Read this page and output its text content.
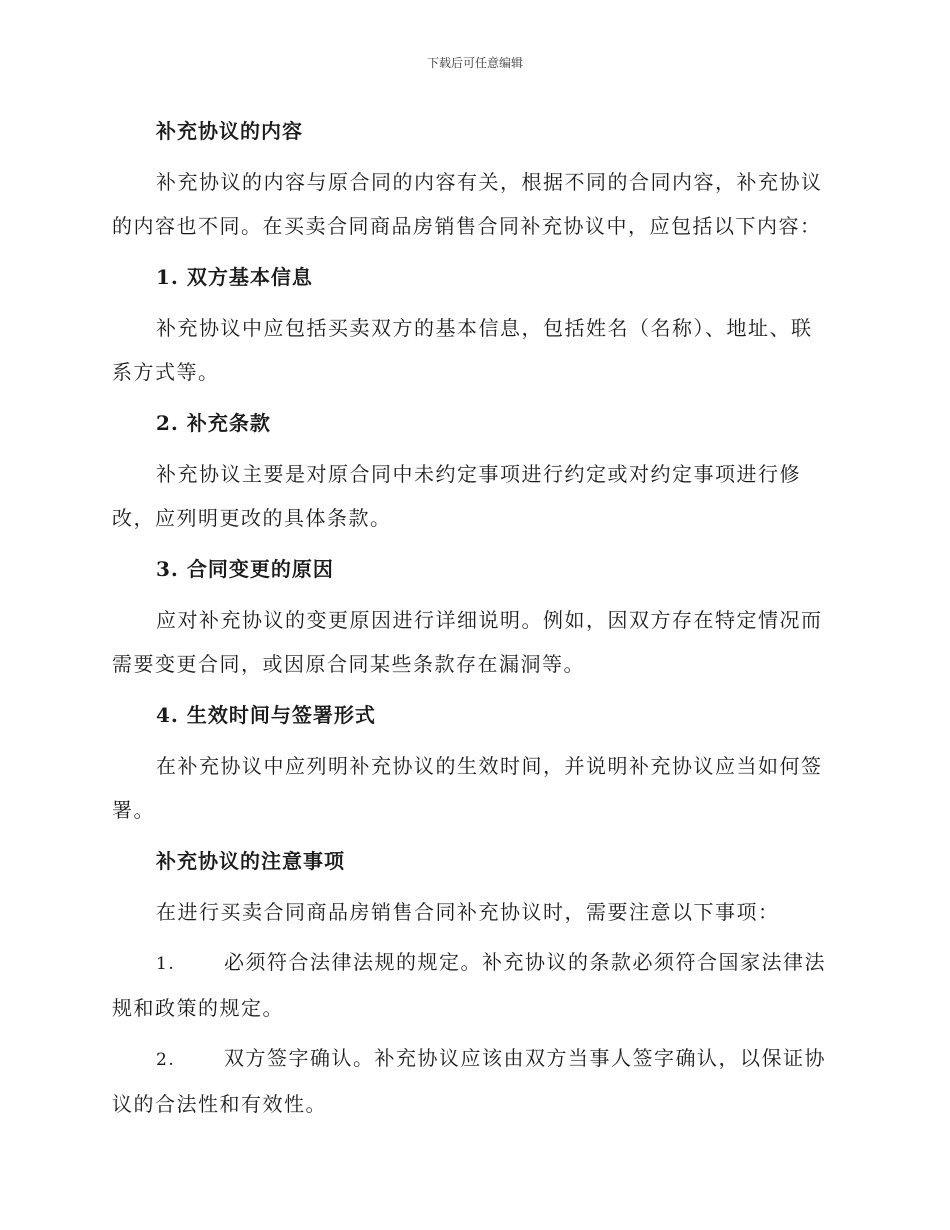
下载后可任意编辑
补充协议的内容
补充协议的内容与原合同的内容有关，根据不同的合同内容，补充协议的内容也不同。在买卖合同商品房销售合同补充协议中，应包括以下内容：
1. 双方基本信息
补充协议中应包括买卖双方的基本信息，包括姓名（名称）、地址、联系方式等。
2. 补充条款
补充协议主要是对原合同中未约定事项进行约定或对约定事项进行修改，应列明更改的具体条款。
3. 合同变更的原因
应对补充协议的变更原因进行详细说明。例如，因双方存在特定情况而需要变更合同，或因原合同某些条款存在漏洞等。
4. 生效时间与签署形式
在补充协议中应列明补充协议的生效时间，并说明补充协议应当如何签署。
补充协议的注意事项
在进行买卖合同商品房销售合同补充协议时，需要注意以下事项：
1. 必须符合法律法规的规定。补充协议的条款必须符合国家法律法规和政策的规定。
2. 双方签字确认。补充协议应该由双方当事人签字确认，以保证协议的合法性和有效性。
